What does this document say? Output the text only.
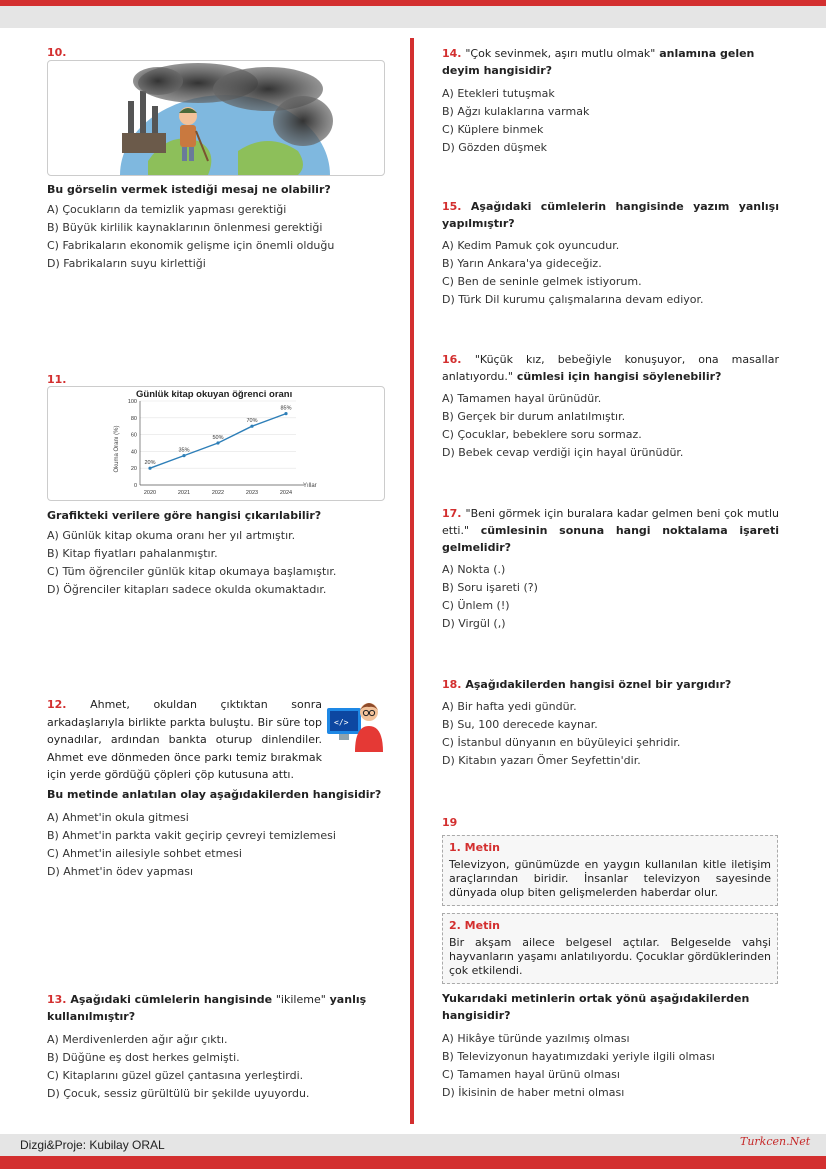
10.
Bu görselin vermek istediği mesaj ne olabilir?
A) Çocukların da temizlik yapması gerektiği
B) Büyük kirlilik kaynaklarının önlenmesi gerektiği
C) Fabrikaların ekonomik gelişme için önemli olduğu
D) Fabrikaların suyu kirlettiği
11.
Günlük kitap okuyan öğrenci oranı
Okuma Oranı (%)
Yıllar
0
20
40
60
80
100
2020	2021	2022	2023	2024
20%
35%
50%
70%
85%
Grafikteki verilere göre hangisi çıkarılabilir?
A) Günlük kitap okuma oranı her yıl artmıştır.
B) Kitap fiyatları pahalanmıştır.
C) Tüm öğrenciler günlük kitap okumaya başlamıştır.
D) Öğrenciler kitapları sadece okulda okumaktadır.
12. Ahmet, okuldan çıktıktan sonra arkadaşlarıyla birlikte parkta buluştu. Bir süre top oynadılar, ardından bankta oturup dinlendiler. Ahmet eve dönmeden önce parkı temiz bırakmak için yerde gördüğü çöpleri çöp kutusuna attı.
</>
Bu metinde anlatılan olay aşağıdakilerden hangisidir?
A) Ahmet'in okula gitmesi
B) Ahmet'in parkta vakit geçirip çevreyi temizlemesi
C) Ahmet'in ailesiyle sohbet etmesi
D) Ahmet'in ödev yapması
13. Aşağıdaki cümlelerin hangisinde "ikileme" yanlış kullanılmıştır?
A) Merdivenlerden ağır ağır çıktı.
B) Düğüne eş dost herkes gelmişti.
C) Kitaplarını güzel güzel çantasına yerleştirdi.
D) Çocuk, sessiz gürültülü bir şekilde uyuyordu.
14. "Çok sevinmek, aşırı mutlu olmak" anlamına gelen deyim hangisidir?
A) Etekleri tutuşmak
B) Ağzı kulaklarına varmak
C) Küplere binmek
D) Gözden düşmek
15. Aşağıdaki cümlelerin hangisinde yazım yanlışı yapılmıştır?
A) Kedim Pamuk çok oyuncudur.
B) Yarın Ankara'ya gideceğiz.
C) Ben de seninle gelmek istiyorum.
D) Türk Dil kurumu çalışmalarına devam ediyor.
16. "Küçük kız, bebeğiyle konuşuyor, ona masallar anlatıyordu." cümlesi için hangisi söylenebilir?
A) Tamamen hayal ürünüdür.
B) Gerçek bir durum anlatılmıştır.
C) Çocuklar, bebeklere soru sormaz.
D) Bebek cevap verdiği için hayal ürünüdür.
17. "Beni görmek için buralara kadar gelmen beni çok mutlu etti." cümlesinin sonuna hangi noktalama işareti gelmelidir?
A) Nokta (.)
B) Soru işareti (?)
C) Ünlem (!)
D) Virgül (,)
18. Aşağıdakilerden hangisi öznel bir yargıdır?
A) Bir hafta yedi gündür.
B) Su, 100 derecede kaynar.
C) İstanbul dünyanın en büyüleyici şehridir.
D) Kitabın yazarı Ömer Seyfettin'dir.
19
1. Metin
Televizyon, günümüzde en yaygın kullanılan kitle iletişim araçlarından biridir. İnsanlar televizyon sayesinde dünyada olup biten gelişmelerden haberdar olur.
2. Metin
Bir akşam ailece belgesel açtılar. Belgeselde vahşi hayvanların yaşamı anlatılıyordu. Çocuklar gördüklerinden çok etkilendi.
Yukarıdaki metinlerin ortak yönü aşağıdakilerden hangisidir?
A) Hikâye türünde yazılmış olması
B) Televizyonun hayatımızdaki yeriyle ilgili olması
C) Tamamen hayal ürünü olması
D) İkisinin de haber metni olması
Dizgi&Proje: Kubilay ORAL	Turkcen.Net
